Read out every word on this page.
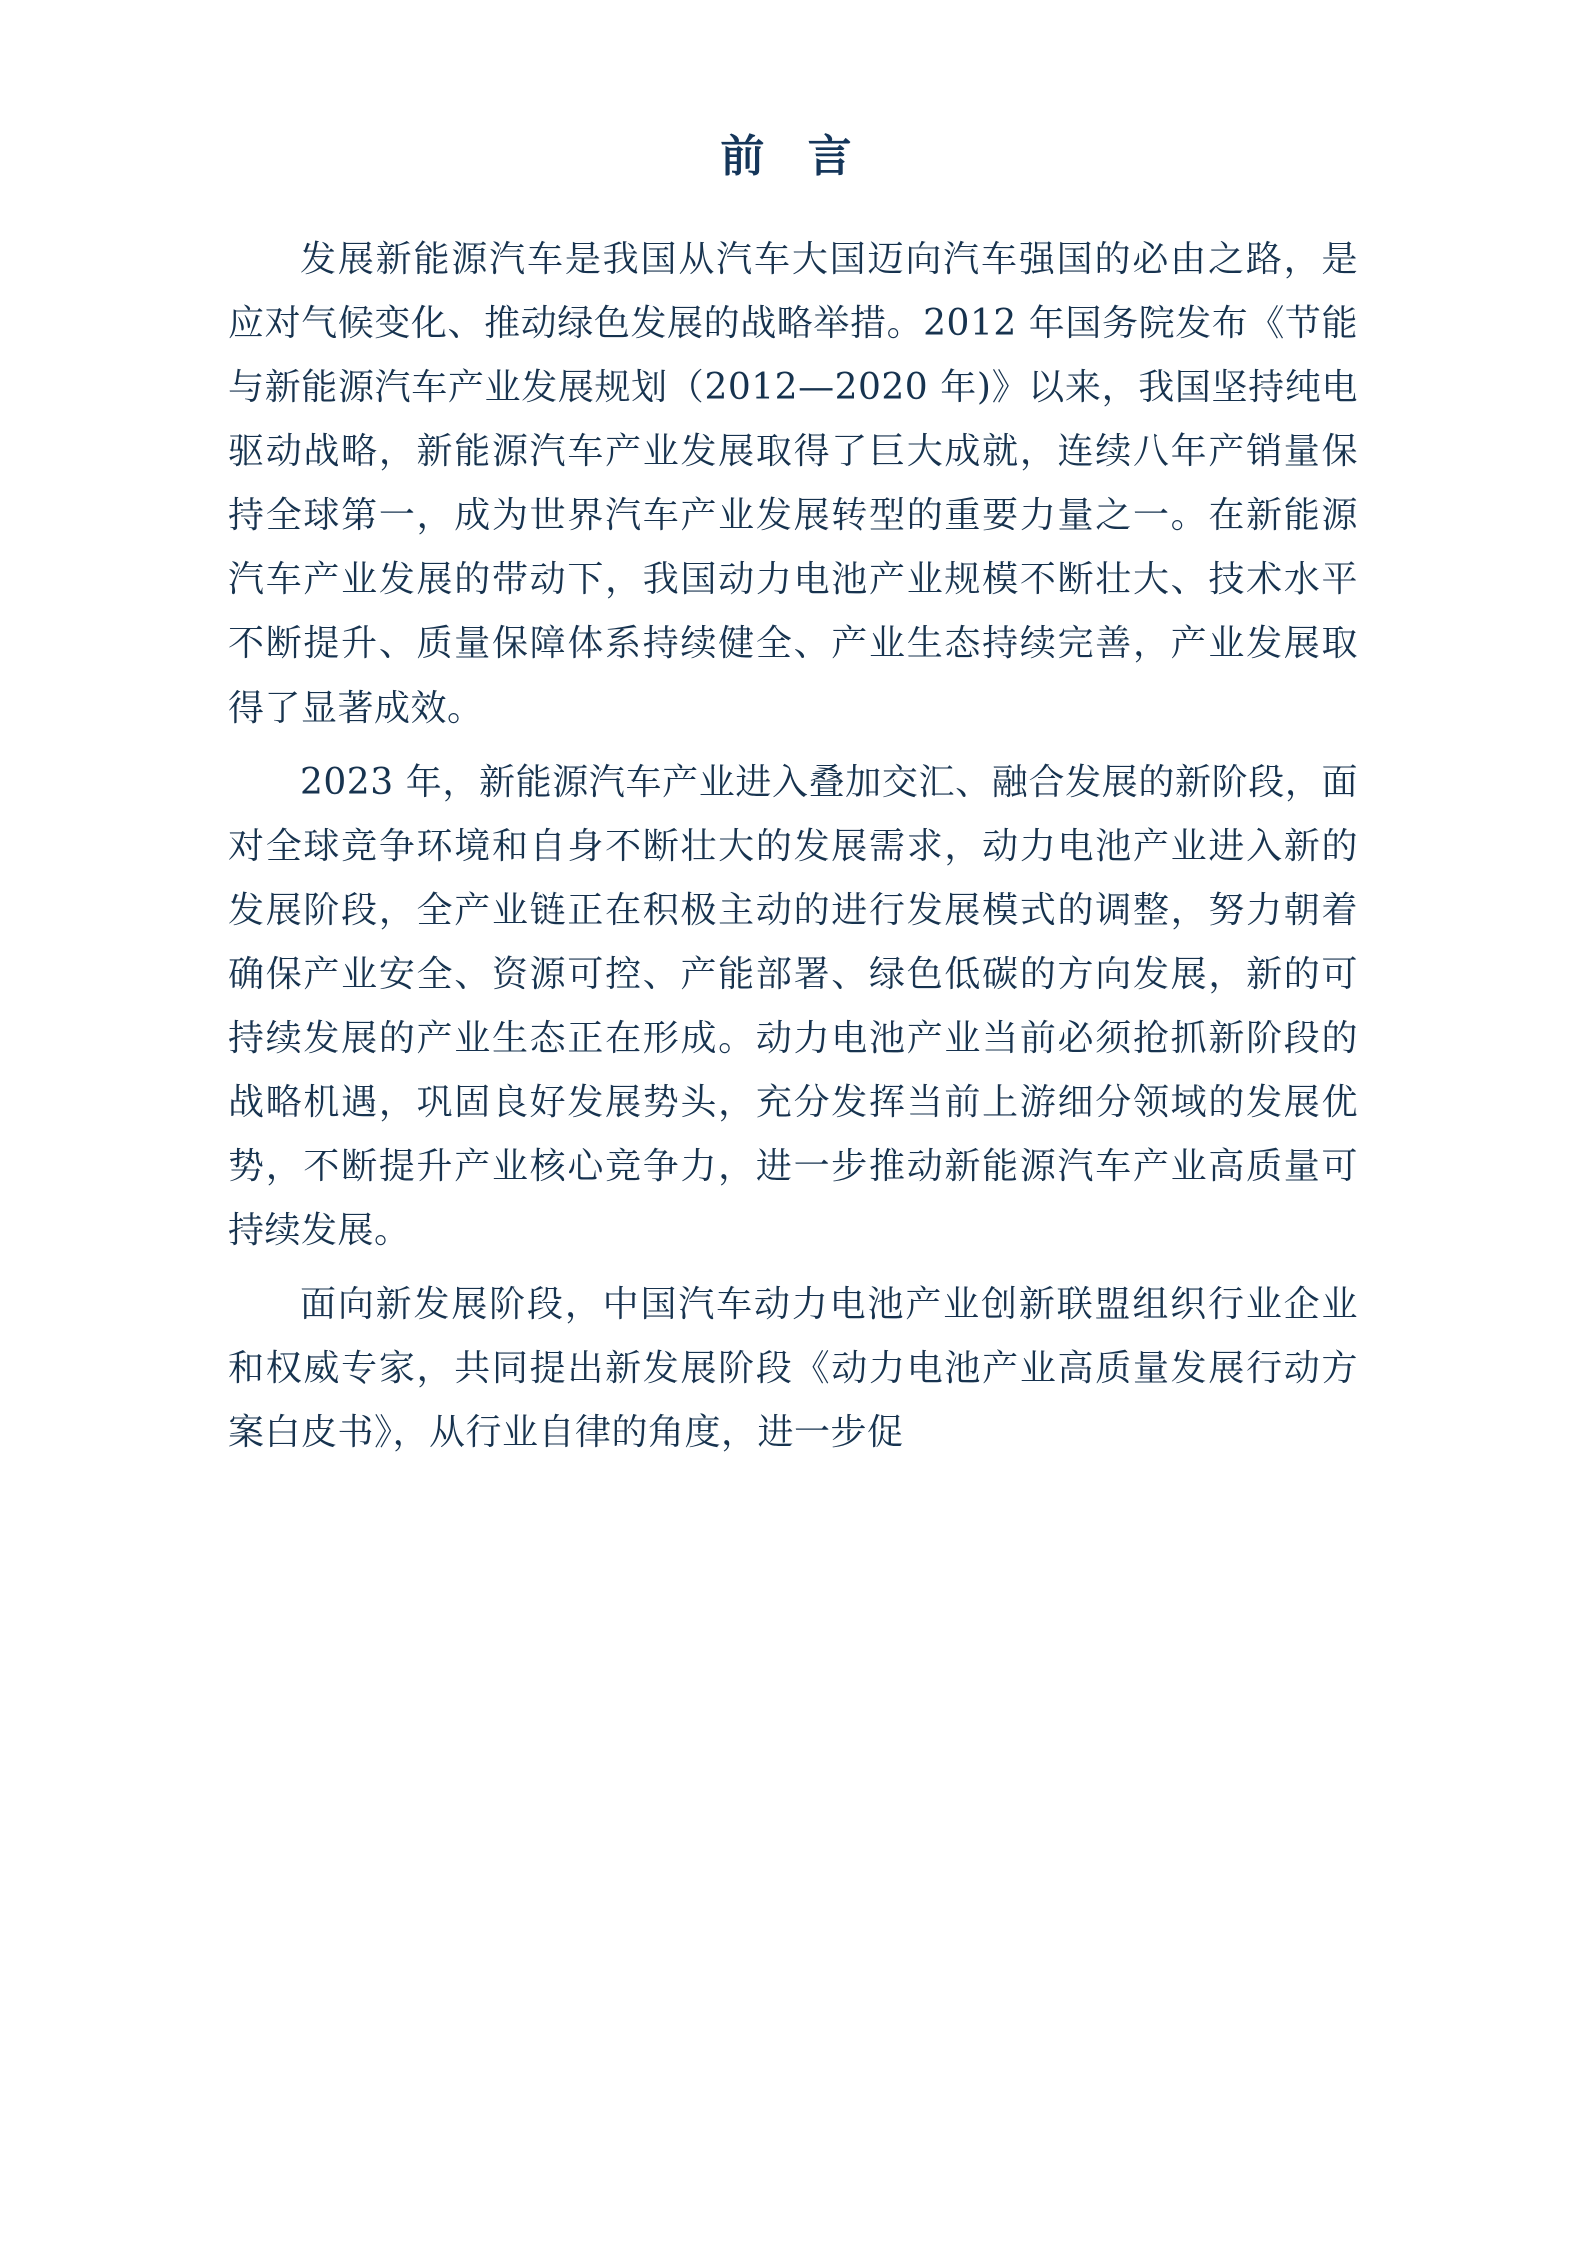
前 言

发展新能源汽车是我国从汽车大国迈向汽车强国的必由之路，是应对气候变化、推动绿色发展的战略举措。2012 年国务院发布《节能与新能源汽车产业发展规划（2012—2020 年)》以来，我国坚持纯电驱动战略，新能源汽车产业发展取得了巨大成就，连续八年产销量保持全球第一，成为世界汽车产业发展转型的重要力量之一。在新能源汽车产业发展的带动下，我国动力电池产业规模不断壮大、技术水平不断提升、质量保障体系持续健全、产业生态持续完善，产业发展取得了显著成效。

2023 年，新能源汽车产业进入叠加交汇、融合发展的新阶段，面对全球竞争环境和自身不断壮大的发展需求，动力电池产业进入新的发展阶段，全产业链正在积极主动的进行发展模式的调整，努力朝着确保产业安全、资源可控、产能部署、绿色低碳的方向发展，新的可持续发展的产业生态正在形成。动力电池产业当前必须抢抓新阶段的战略机遇，巩固良好发展势头，充分发挥当前上游细分领域的发展优势，不断提升产业核心竞争力，进一步推动新能源汽车产业高质量可持续发展。

面向新发展阶段，中国汽车动力电池产业创新联盟组织行业企业和权威专家，共同提出新发展阶段《动力电池产业高质量发展行动方案白皮书》，从行业自律的角度，进一步促
